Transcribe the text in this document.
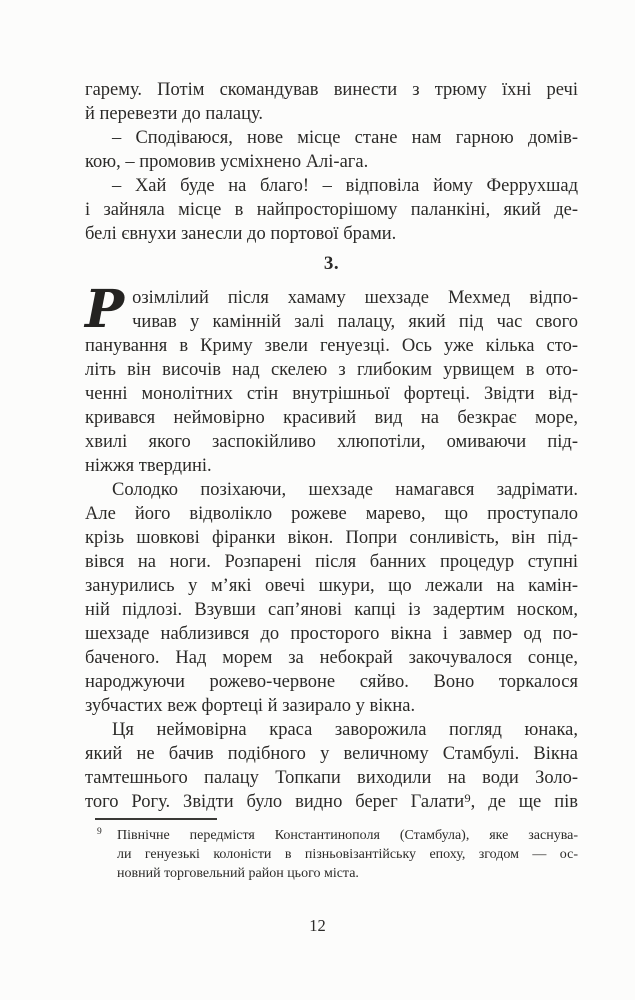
гарему. Потім скомандував винести з трюму їхні речі
й перевезти до палацу.
– Сподіваюся, нове місце стане нам гарною домів-
кою, – промовив усміхнено Алі-ага.
– Хай буде на благо! – відповіла йому Феррухшад
і зайняла місце в найпросторішому паланкіні, який де-
белі євнухи занесли до портової брами.
3.
Р озімлілий після хамаму шехзаде Мехмед відпо-
чивав у камінній залі палацу, який під час свого
панування в Криму звели генуезці. Ось уже кілька сто-
літь він височів над скелею з глибоким урвищем в ото-
ченні монолітних стін внутрішньої фортеці. Звідти від-
кривався неймовірно красивий вид на безкрає море,
хвилі якого заспокійливо хлюпотіли, омиваючи під-
ніжжя твердині.
Солодко позіхаючи, шехзаде намагався задрімати.
Але його відволікло рожеве марево, що проступало
крізь шовкові фіранки вікон. Попри сонливість, він під-
вівся на ноги. Розпарені після банних процедур ступні
занурились у м’які овечі шкури, що лежали на камін-
ній підлозі. Взувши сап’янові капці із задертим носком,
шехзаде наблизився до просторого вікна і завмер од по-
баченого. Над морем за небокрай закочувалося сонце,
народжуючи рожево-червоне сяйво. Воно торкалося
зубчастих веж фортеці й зазирало у вікна.
Ця неймовірна краса заворожила погляд юнака,
який не бачив подібного у величному Стамбулі. Вікна
тамтешнього палацу Топкапи виходили на води Золо-
того Рогу. Звідти було видно берег Галати⁹, де ще пів
9 Північне передмістя Константинополя (Стамбула), яке заснува-
ли генуезькі колоністи в пізньовізантійську епоху, згодом — ос-
новний торговельний район цього міста.
12
